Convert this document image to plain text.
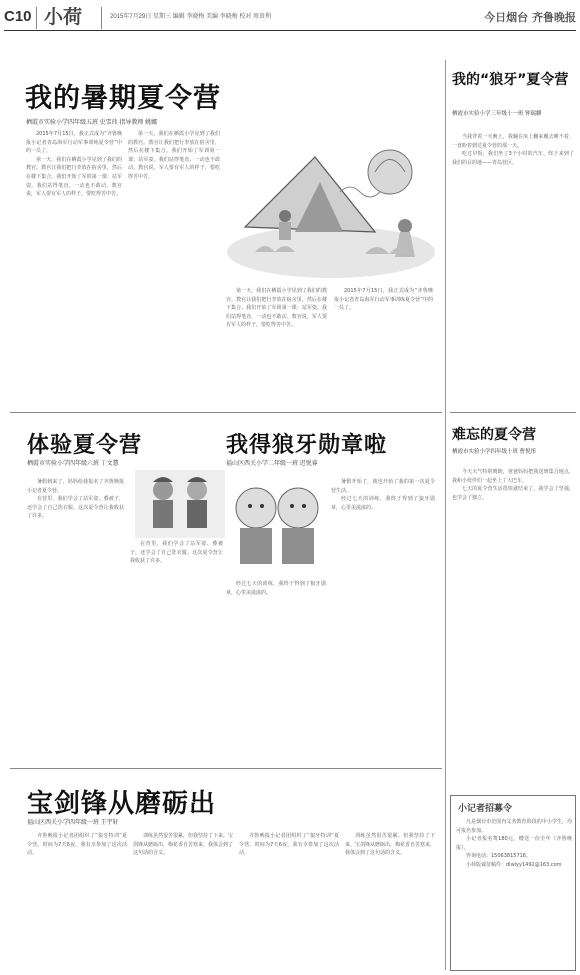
C10 小荷	2015年7月29日 星期三 编辑 李晓梅 美编 李晓梅 校对 周贵利	今日烟台 齐鲁晚报
我的暑期夏令营
栖霞市实验小学四年级五班 史雪玮 指导教师 姚娜

2015年7月15日，我正式成为“齐鲁晚报小记者青岛海军行动军事训练夏令营”中的一员了。

第一天，我们在栖霞小学见到了我们的教官。教官让我们把行李放在宿舍里，然后在楼下集合。我们开始了军训第一课：站军姿。我们站得笔直，一动也不敢动。教官说，军人要有军人的样子，要吃得苦中苦。

第一天，我们在栖霞小学见到了我们的教官。教官让我们把行李放在宿舍里，然后在楼下集合。我们开始了军训第一课：站军姿。我们站得笔直，一动也不敢动。教官说，军人要有军人的样子，要吃得苦中苦。

第一天，我们在栖霞小学见到了我们的教官。教官让我们把行李放在宿舍里，然后在楼下集合。我们开始了军训第一课：站军姿。我们站得笔直，一动也不敢动。教官说，军人要有军人的样子，要吃得苦中苦。

2015年7月15日，我正式成为“齐鲁晚报小记者青岛海军行动军事训练夏令营”中的一员了。

我的“狼牙”夏令营
栖霞市实验小学三年级十一班 钟瑞麒

当我背着一天晚上，我躺在床上翻来覆去睡不着，一直盼着到达夏令营的那一天。

吃过早饭，我们坐了3个小时的汽车，终于来到了我们的目的地——青岛营区。

体验夏令营
栖霞市实验小学四年级六班 丁文慧

暑假到来了，妈妈给我报名了齐鲁晚报小记者夏令营。

在营里，我们学会了站军姿、叠被子，还学会了自己洗衣服。这次夏令营让我收获了许多。

在营里，我们学会了站军姿、叠被子，还学会了自己洗衣服。这次夏令营让我收获了许多。

我得狼牙勋章啦
福山区西关小学二年级一班 迟悦睿

暑假开始了，我也开始了我的第一次夏令营生活。

经过七天的训练，我终于得到了狼牙勋章，心里美滋滋的。

经过七天的训练，我终于得到了狼牙勋章，心里美滋滋的。

难忘的夏令营
栖霞市实验小学四年级十班 曹悦彤

今天天气特别晴朗，爸爸妈妈把我送到集合地点，我和小伙伴们一起坐上了大巴车。

七天的夏令营生活很快就结束了，我学会了坚强，也学会了独立。

宝剑锋从磨砺出
福山区西关小学四年级一班 王宇轩

齐鲁晚报小记者团组织了“狼牙特训”夏令营，时间为7天6夜，我有幸参加了这次活动。

训练虽然很苦很累，但我坚持了下来。宝剑锋从磨砺出，梅花香自苦寒来，我体会到了这句话的含义。

齐鲁晚报小记者团组织了“狼牙特训”夏令营，时间为7天6夜，我有幸参加了这次活动。

训练虽然很苦很累，但我坚持了下来。宝剑锋从磨砺出，梅花香自苦寒来，我体会到了这句话的含义。

小记者招募令

凡是烟台市范围内义务教育阶段的中小学生，均可报名参加。

小记者报名费180元，赠送一份全年《齐鲁晚报》。

咨询电话：15063815716。

小荷版诚征稿件：dlwlyy1492@163.com
